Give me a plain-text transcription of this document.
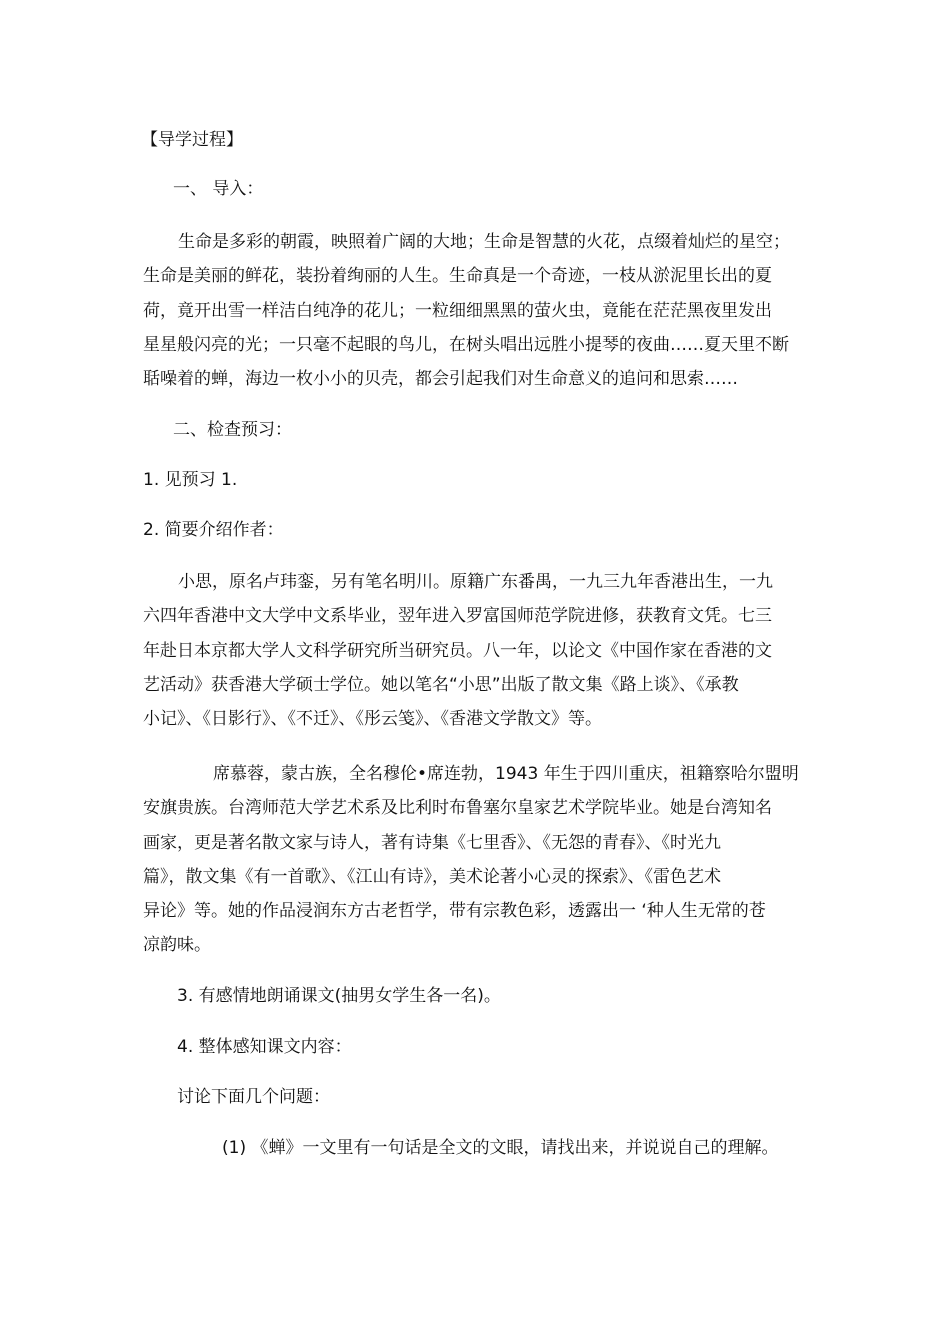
【导学过程】

一、 导入：

生命是多彩的朝霞，映照着广阔的大地；生命是智慧的火花，点缀着灿烂的星空；
生命是美丽的鲜花，装扮着绚丽的人生。生命真是一个奇迹，一枝从淤泥里长出的夏
荷，竟开出雪一样洁白纯净的花儿；一粒细细黑黑的萤火虫，竟能在茫茫黑夜里发出
星星般闪亮的光；一只毫不起眼的鸟儿，在树头唱出远胜小提琴的夜曲……夏天里不断
聒噪着的蝉，海边一枚小小的贝壳，都会引起我们对生命意义的追问和思索……

二、检查预习：

1. 见预习 1.

2. 简要介绍作者：

小思，原名卢玮銮，另有笔名明川。原籍广东番禺，一九三九年香港出生，一九
六四年香港中文大学中文系毕业，翌年进入罗富国师范学院进修，获教育文凭。七三
年赴日本京都大学人文科学研究所当研究员。八一年，以论文《中国作家在香港的文
艺活动》获香港大学硕士学位。她以笔名“小思”出版了散文集《路上谈》、《承教
小记》、《日影行》、《不迁》、《彤云笺》、《香港文学散文》等。
席慕蓉，蒙古族，全名穆伦•席连勃，1943 年生于四川重庆，祖籍察哈尔盟明
安旗贵族。台湾师范大学艺术系及比利时布鲁塞尔皇家艺术学院毕业。她是台湾知名
画家，更是著名散文家与诗人，著有诗集《七里香》、《无怨的青春》、《时光九
篇》，散文集《有一首歌》、《江山有诗》，美术论著小心灵的探索》、《雷色艺术
异论》等。她的作品浸润东方古老哲学，带有宗教色彩，透露出一 ‘种人生无常的苍
凉韵味。

3. 有感情地朗诵课文(抽男女学生各一名)。

4. 整体感知课文内容：

讨论下面几个问题：

(1) 《蝉》一文里有一句话是全文的文眼，请找出来，并说说自己的理解。
